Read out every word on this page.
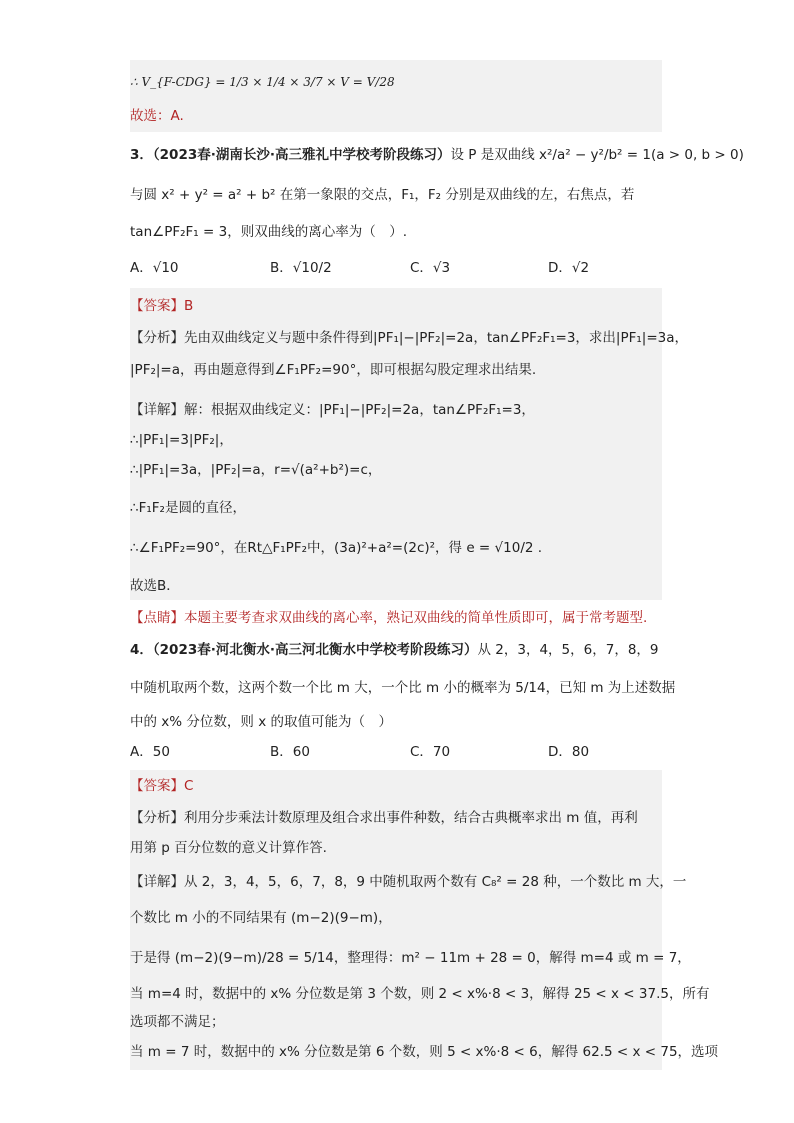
∴ V_{F-CDG} = 1/3 × 1/4 × 3/7 × V = V/28
故选：A.
3．（2023春·湖南长沙·高三雅礼中学校考阶段练习）设 P 是双曲线 x²/a² − y²/b² = 1(a > 0, b > 0)
与圆 x² + y² = a² + b² 在第一象限的交点，F₁，F₂ 分别是双曲线的左，右焦点，若
tan∠PF₂F₁ = 3，则双曲线的离心率为（　）.
A．√10	B．√10/2	C．√3	D．√2
【答案】B
【分析】先由双曲线定义与题中条件得到|PF₁|−|PF₂|=2a，tan∠PF₂F₁=3，求出|PF₁|=3a，
|PF₂|=a，再由题意得到∠F₁PF₂=90°，即可根据勾股定理求出结果.
【详解】解：根据双曲线定义：|PF₁|−|PF₂|=2a，tan∠PF₂F₁=3，
∴|PF₁|=3|PF₂|，
∴|PF₁|=3a，|PF₂|=a，r=√(a²+b²)=c，
∴F₁F₂是圆的直径，
∴∠F₁PF₂=90°，在Rt△F₁PF₂中，(3a)²+a²=(2c)²，得 e = √10/2 .
故选B．
【点睛】本题主要考查求双曲线的离心率，熟记双曲线的简单性质即可，属于常考题型.
4．（2023春·河北衡水·高三河北衡水中学校考阶段练习）从 2，3，4，5，6，7，8，9
中随机取两个数，这两个数一个比 m 大，一个比 m 小的概率为 5/14，已知 m 为上述数据
中的 x% 分位数，则 x 的取值可能为（　）
A．50	B．60	C．70	D．80
【答案】C
【分析】利用分步乘法计数原理及组合求出事件种数，结合古典概率求出 m 值，再利
用第 p 百分位数的意义计算作答.
【详解】从 2，3，4，5，6，7，8，9 中随机取两个数有 C₈² = 28 种，一个数比 m 大，一
个数比 m 小的不同结果有 (m−2)(9−m)，
于是得 (m−2)(9−m)/28 = 5/14，整理得：m² − 11m + 28 = 0，解得 m=4 或 m = 7，
当 m=4 时，数据中的 x% 分位数是第 3 个数，则 2 < x%·8 < 3，解得 25 < x < 37.5，所有
选项都不满足；
当 m = 7 时，数据中的 x% 分位数是第 6 个数，则 5 < x%·8 < 6，解得 62.5 < x < 75，选项
